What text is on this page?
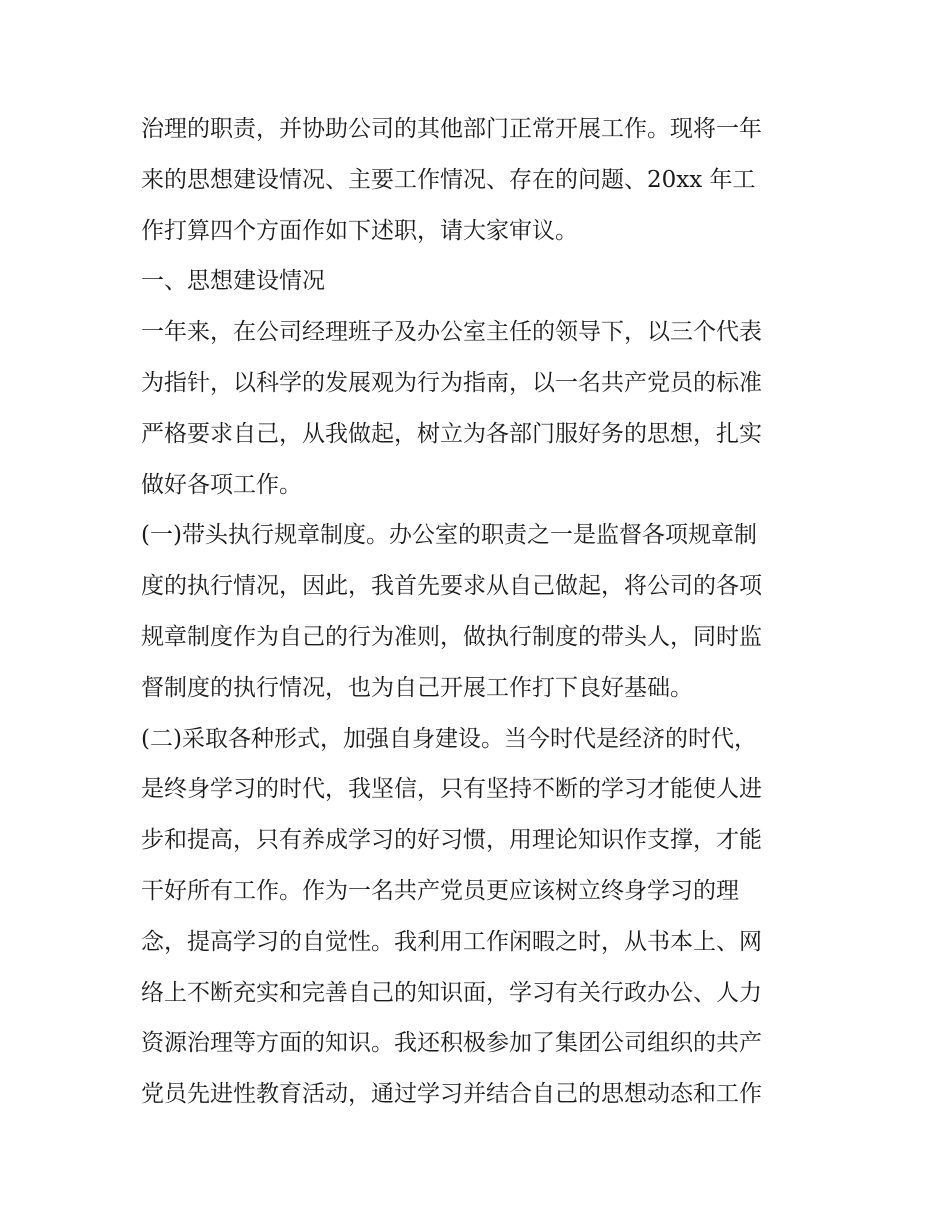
治理的职责，并协助公司的其他部门正常开展工作。现将一年
来的思想建设情况、主要工作情况、存在的问题、20xx 年工
作打算四个方面作如下述职，请大家审议。
一、思想建设情况
一年来，在公司经理班子及办公室主任的领导下，以三个代表
为指针，以科学的发展观为行为指南，以一名共产党员的标准
严格要求自己，从我做起，树立为各部门服好务的思想，扎实
做好各项工作。
(一)带头执行规章制度。办公室的职责之一是监督各项规章制
度的执行情况，因此，我首先要求从自己做起，将公司的各项
规章制度作为自己的行为准则，做执行制度的带头人，同时监
督制度的执行情况，也为自己开展工作打下良好基础。
(二)采取各种形式，加强自身建设。当今时代是经济的时代，
是终身学习的时代，我坚信，只有坚持不断的学习才能使人进
步和提高，只有养成学习的好习惯，用理论知识作支撑，才能
干好所有工作。作为一名共产党员更应该树立终身学习的理
念，提高学习的自觉性。我利用工作闲暇之时，从书本上、网
络上不断充实和完善自己的知识面，学习有关行政办公、人力
资源治理等方面的知识。我还积极参加了集团公司组织的共产
党员先进性教育活动，通过学习并结合自己的思想动态和工作
